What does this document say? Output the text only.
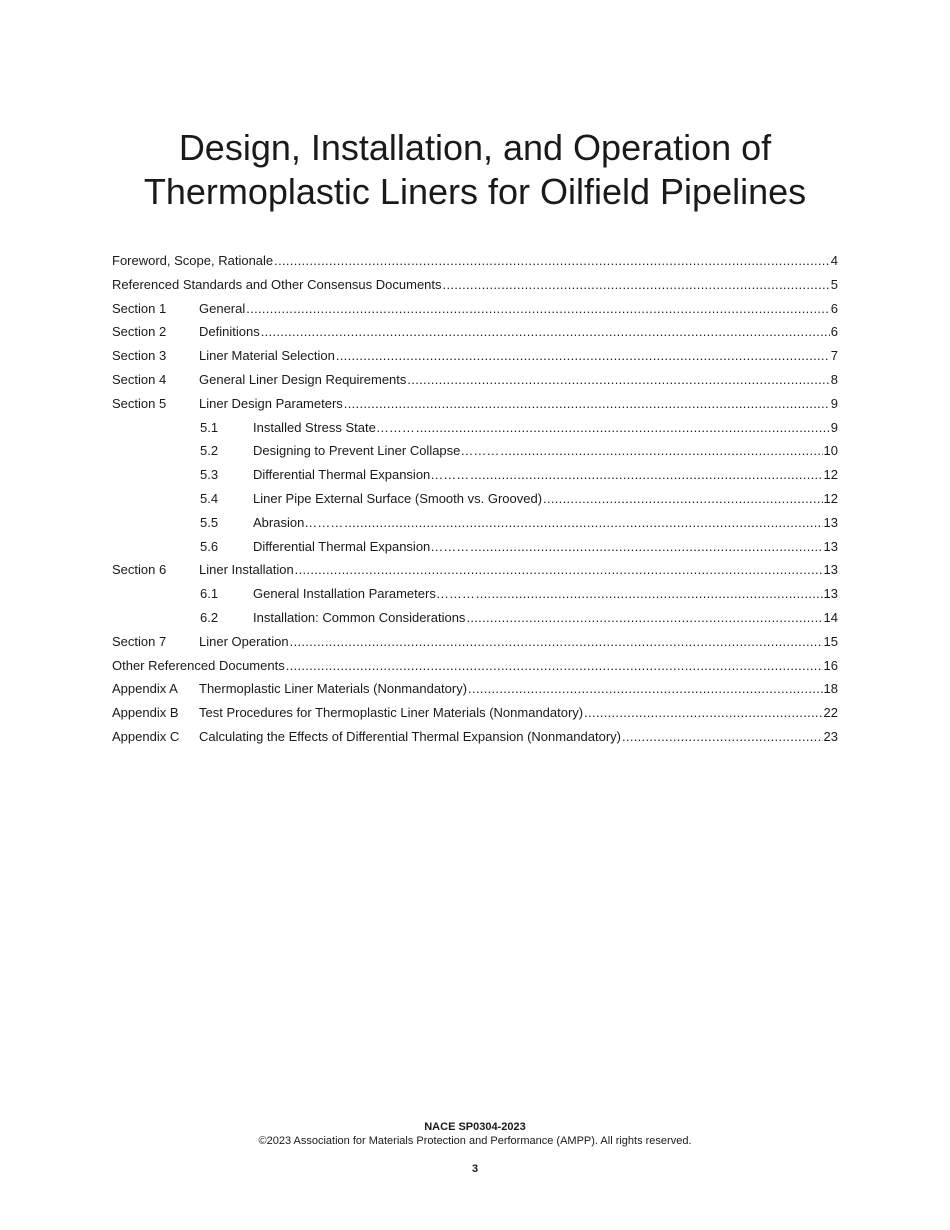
Design, Installation, and Operation of
Thermoplastic Liners for Oilfield Pipelines
Foreword, Scope, Rationale .....	4
Referenced Standards and Other Consensus Documents .....	5
Section 1	General .....	6
Section 2	Definitions .....	6
Section 3	Liner Material Selection .....	7
Section 4	General Liner Design Requirements .....	8
Section 5	Liner Design Parameters .....	9
5.1	Installed Stress State……… .....	9
5.2	Designing to Prevent Liner Collapse……… .....	10
5.3	Differential Thermal Expansion……… .....	12
5.4	Liner Pipe External Surface (Smooth vs. Grooved) .....	12
5.5	Abrasion……… .....	13
5.6	Differential Thermal Expansion……… .....	13
Section 6	Liner Installation .....	13
6.1	General Installation Parameters……… .....	13
6.2	Installation: Common Considerations .....	14
Section 7	Liner Operation .....	15
Other Referenced Documents .....	16
Appendix A	Thermoplastic Liner Materials (Nonmandatory) .....	18
Appendix B	Test Procedures for Thermoplastic Liner Materials (Nonmandatory) .....	22
Appendix C	Calculating the Effects of Differential Thermal Expansion (Nonmandatory) .....	23
NACE SP0304-2023
©2023 Association for Materials Protection and Performance (AMPP). All rights reserved.
3
